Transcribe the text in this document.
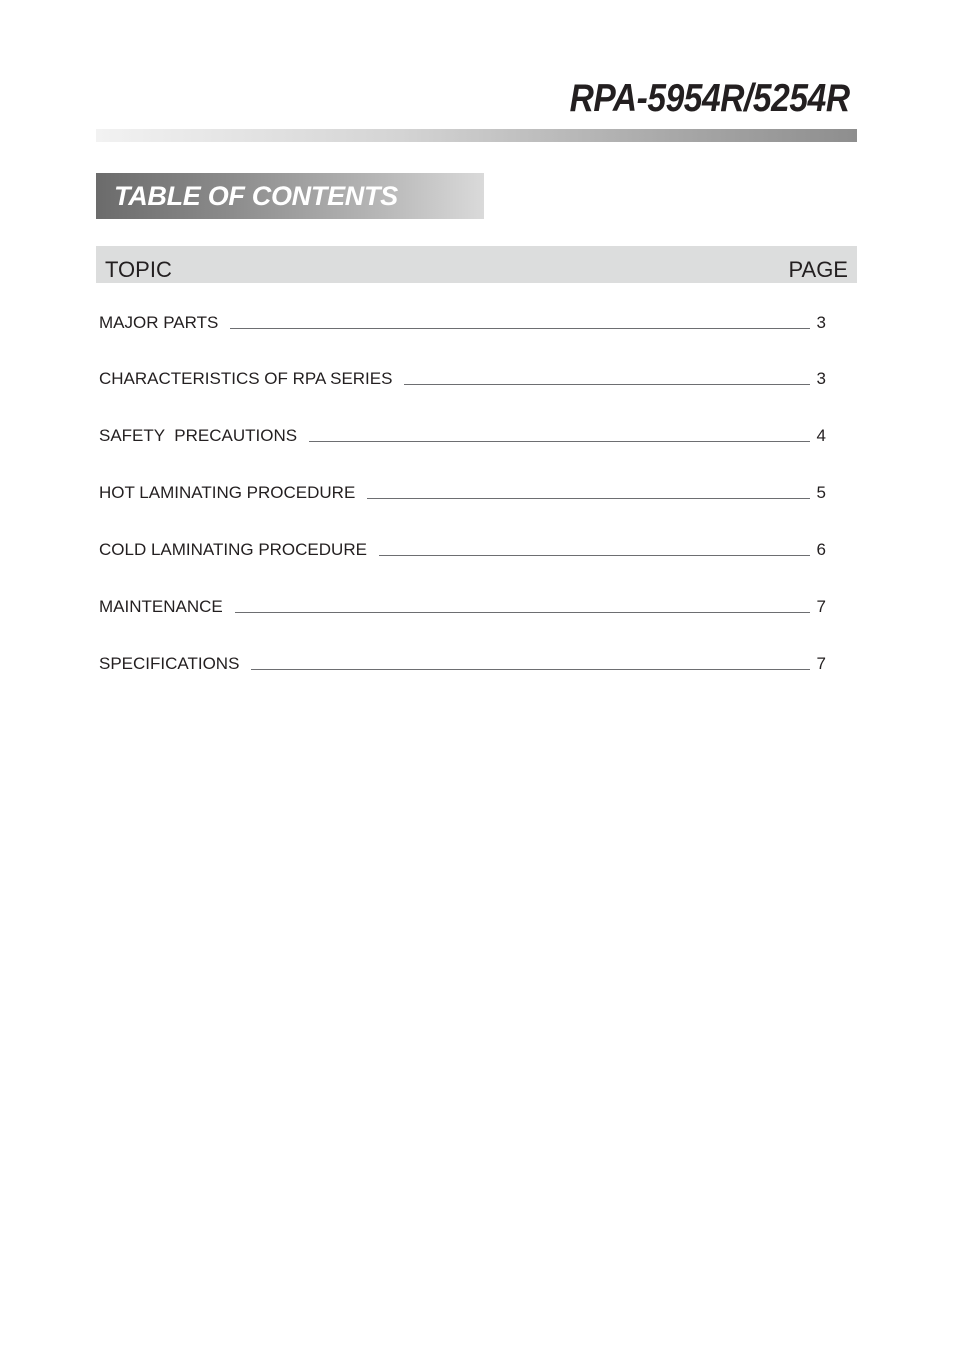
RPA-5954R/5254R
TABLE OF CONTENTS
TOPIC	PAGE
MAJOR PARTS	3
CHARACTERISTICS OF RPA SERIES	3
SAFETY  PRECAUTIONS	4
HOT LAMINATING PROCEDURE	5
COLD LAMINATING PROCEDURE	6
MAINTENANCE	7
SPECIFICATIONS	7
